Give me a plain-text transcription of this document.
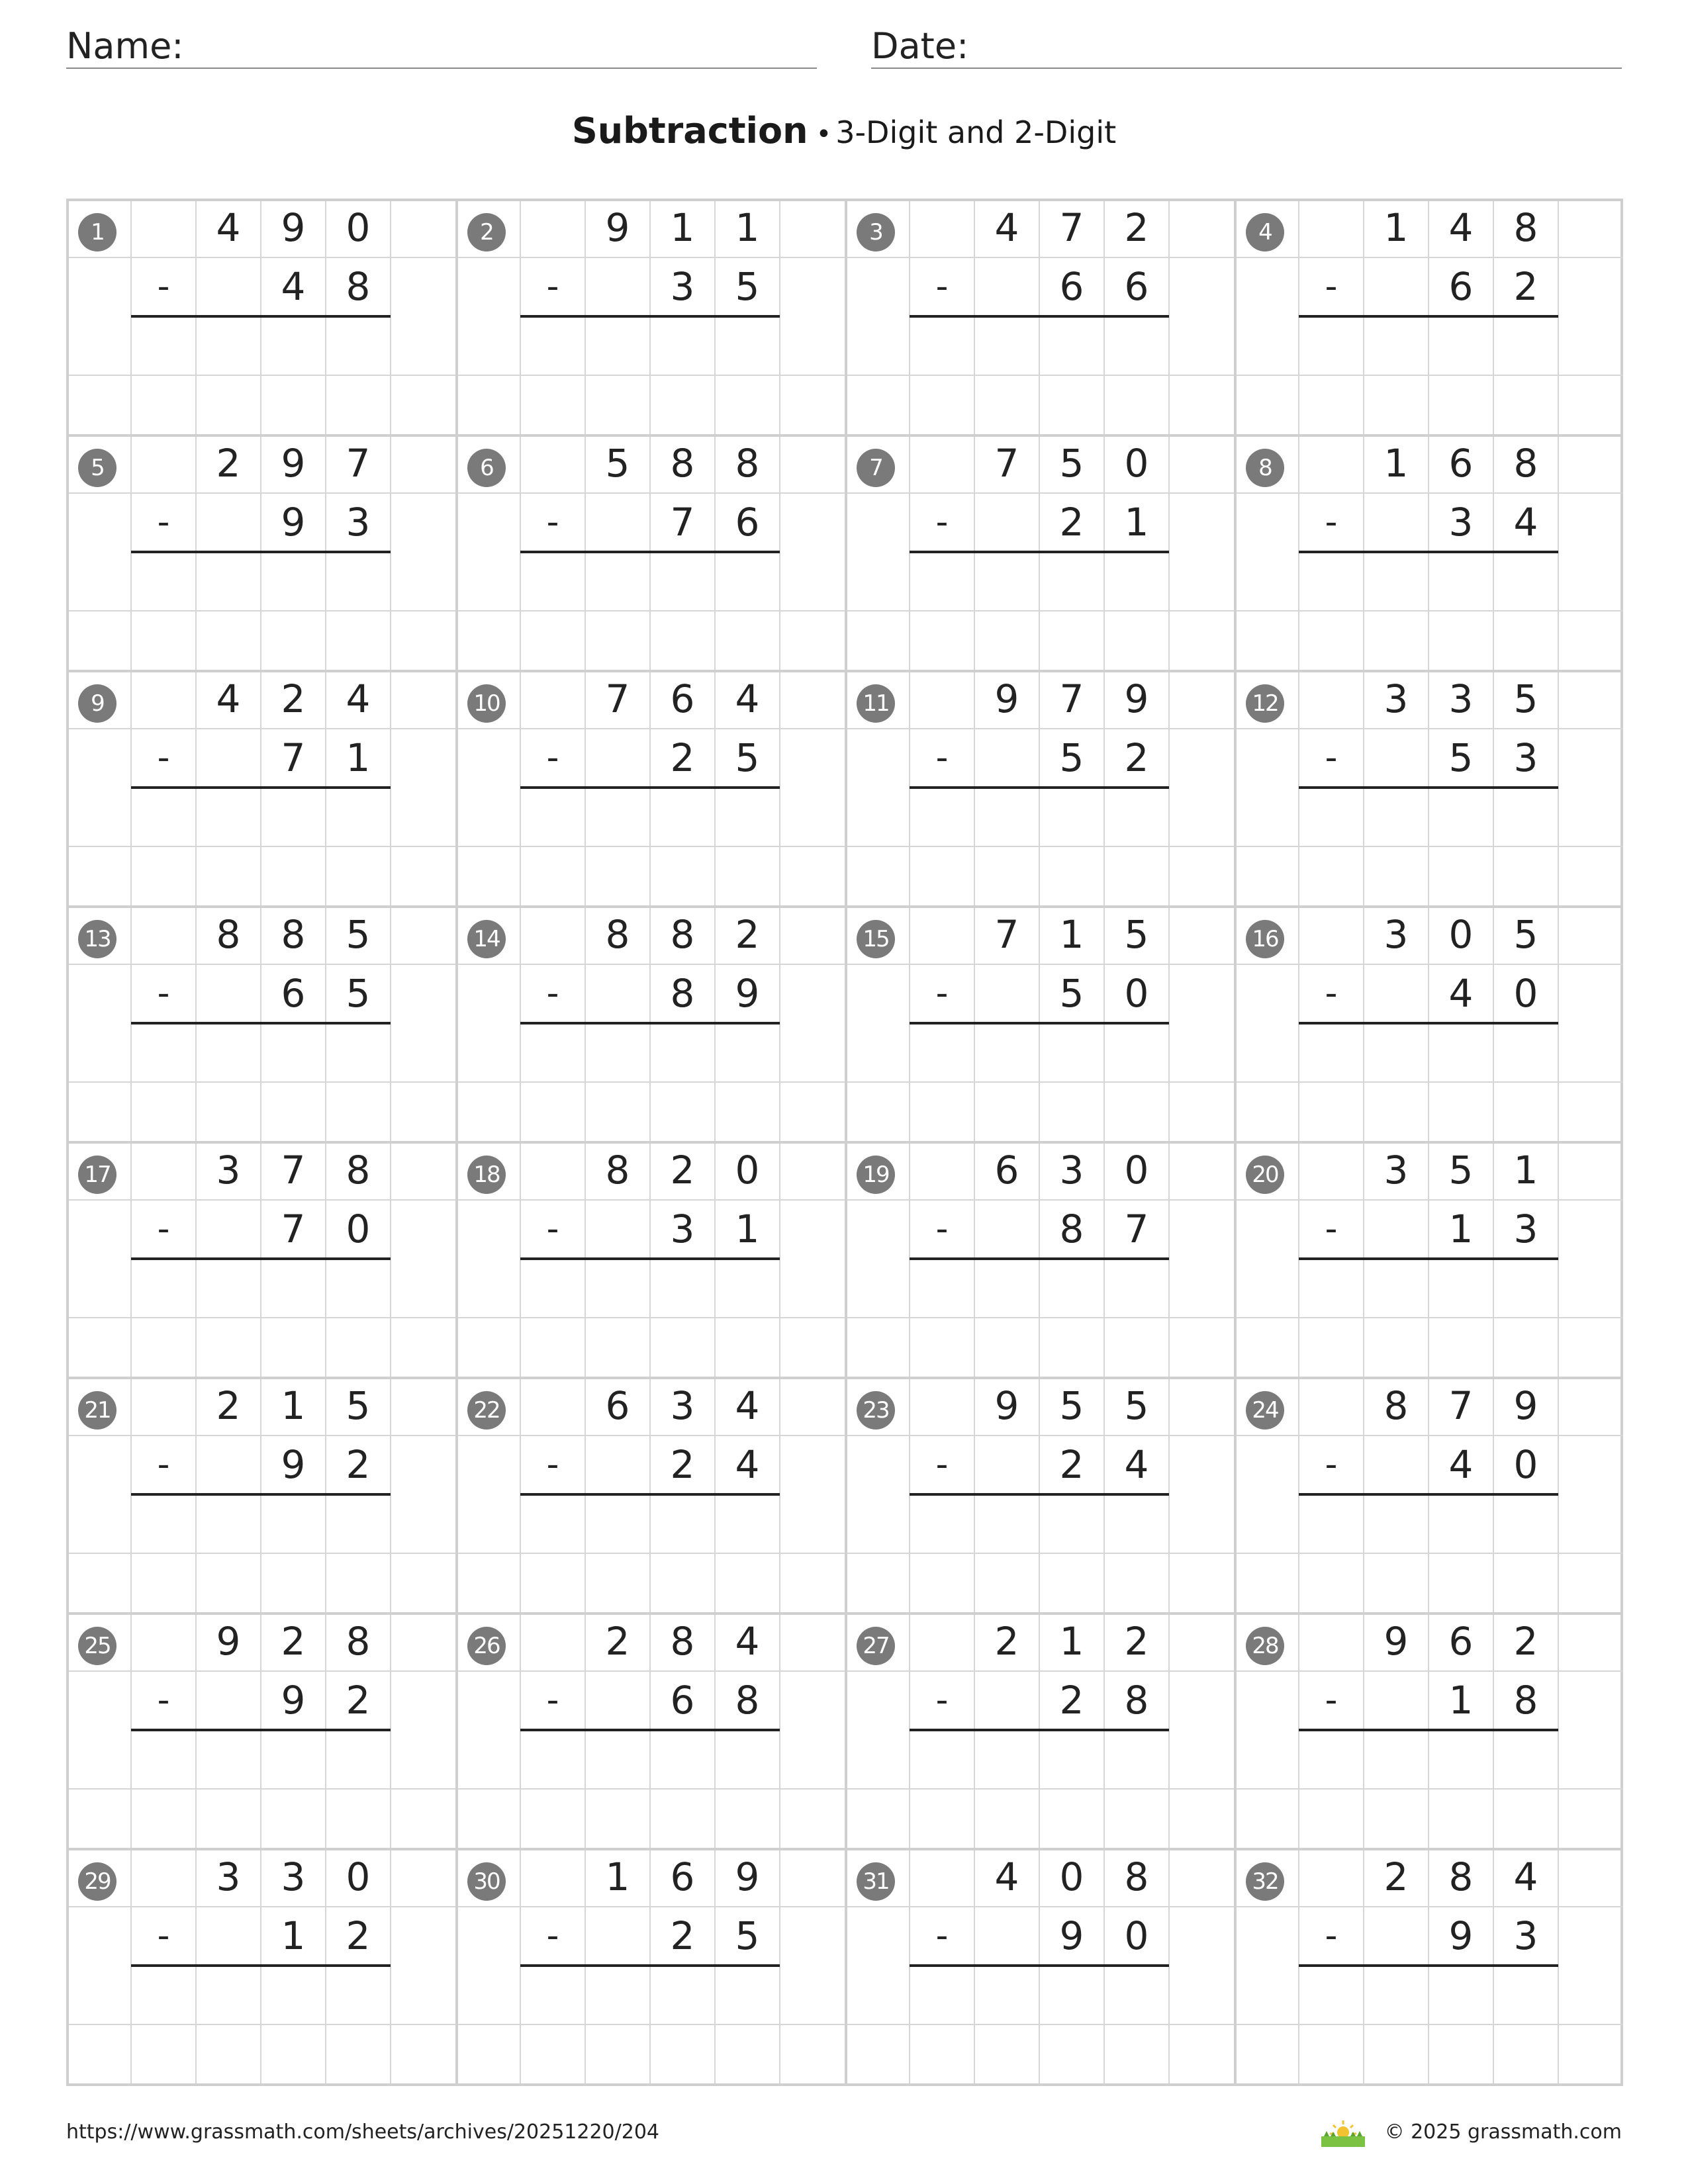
Name:	Date:
Subtraction • 3-Digit and 2-Digit
1	4	9	0
-	4	8
2	9	1	1
-	3	5
3	4	7	2
-	6	6
4	1	4	8
-	6	2
5	2	9	7
-	9	3
6	5	8	8
-	7	6
7	7	5	0
-	2	1
8	1	6	8
-	3	4
9	4	2	4
-	7	1
10	7	6	4
-	2	5
11	9	7	9
-	5	2
12	3	3	5
-	5	3
13	8	8	5
-	6	5
14	8	8	2
-	8	9
15	7	1	5
-	5	0
16	3	0	5
-	4	0
17	3	7	8
-	7	0
18	8	2	0
-	3	1
19	6	3	0
-	8	7
20	3	5	1
-	1	3
21	2	1	5
-	9	2
22	6	3	4
-	2	4
23	9	5	5
-	2	4
24	8	7	9
-	4	0
25	9	2	8
-	9	2
26	2	8	4
-	6	8
27	2	1	2
-	2	8
28	9	6	2
-	1	8
29	3	3	0
-	1	2
30	1	6	9
-	2	5
31	4	0	8
-	9	0
32	2	8	4
-	9	3
https://www.grassmath.com/sheets/archives/20251220/204	© 2025 grassmath.com
